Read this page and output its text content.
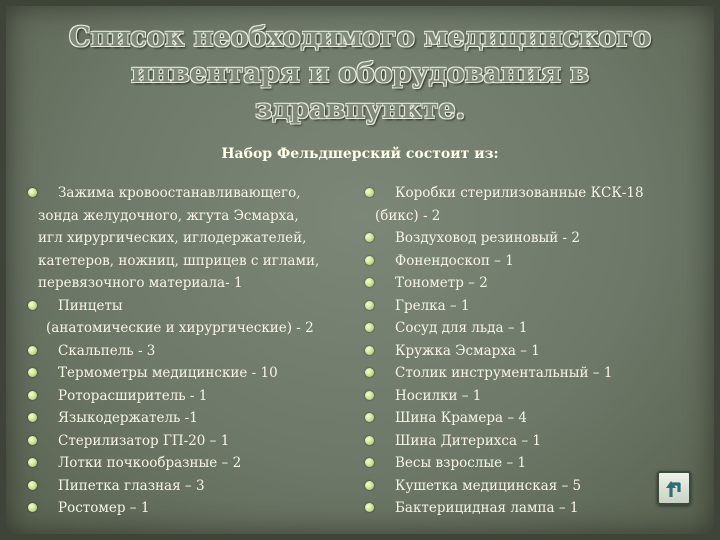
Список необходимого медицинского
инвентаря и оборудования в
здравпункте.
Набор Фельдшерский состоит из:
Зажима кровоостанавливающего,
зонда желудочного, жгута Эсмарха,
игл хирургических, иглодержателей,
катетеров, ножниц, шприцев с иглами,
перевязочного материала- 1
Пинцеты
(анатомические и хирургические) - 2
Скальпель - 3
Термометры медицинские - 10
Роторасширитель - 1
Языкодержатель -1
Стерилизатор ГП-20 – 1
Лотки почкообразные – 2
Пипетка глазная – 3
Ростомер – 1
Коробки стерилизованные КСК-18
(бикс) - 2
Воздуховод резиновый - 2
Фонендоскоп – 1
Тонометр – 2
Грелка – 1
Сосуд для льда – 1
Кружка Эсмарха – 1
Столик инструментальный – 1
Носилки – 1
Шина Крамера – 4
Шина Дитерихса – 1
Весы взрослые – 1
Кушетка медицинская – 5
Бактерицидная лампа – 1
